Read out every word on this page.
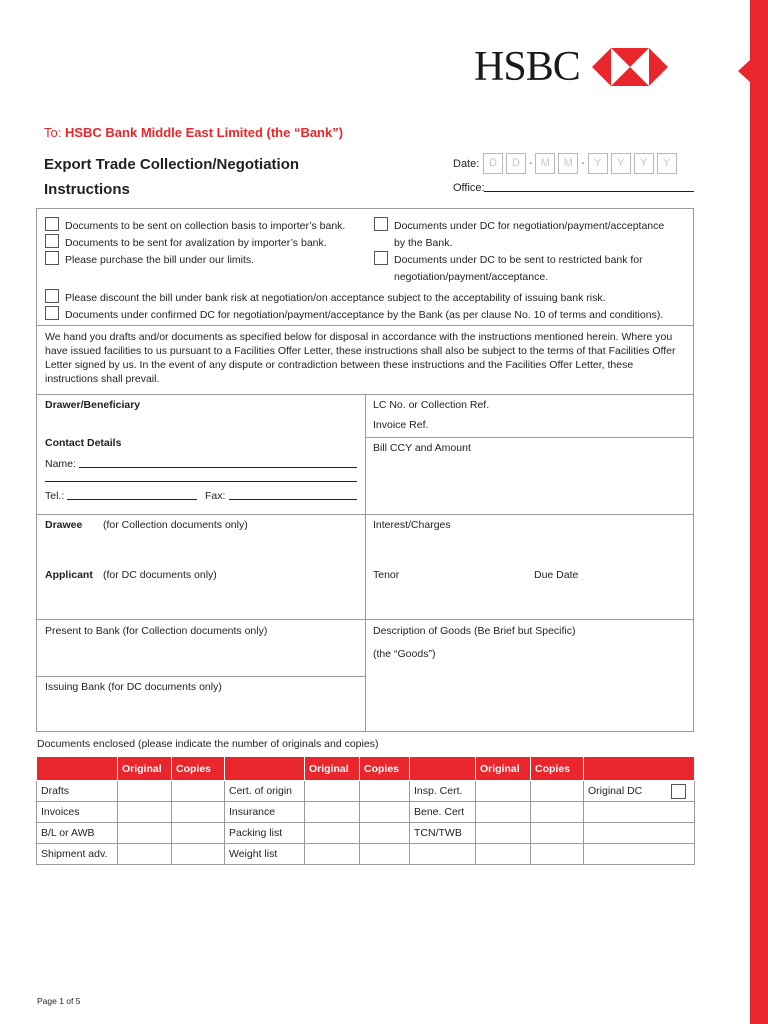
HSBC
To: HSBC Bank Middle East Limited (the “Bank”)
Export Trade Collection/Negotiation
Instructions
Date: D	D - M	M - Y	Y	Y	Y
Office:
Documents to be sent on collection basis to importer’s bank.
Documents to be sent for avalization by importer’s bank.
Please purchase the bill under our limits.
Documents under DC for negotiation/payment/acceptance
by the Bank.
Documents under DC to be sent to restricted bank for
negotiation/payment/acceptance.
Please discount the bill under bank risk at negotiation/on acceptance subject to the acceptability of issuing bank risk.
Documents under confirmed DC for negotiation/payment/acceptance by the Bank (as per clause No. 10 of terms and conditions).
We hand you drafts and/or documents as specified below for disposal in accordance with the instructions mentioned herein. Where you have issued facilities to us pursuant to a Facilities Offer Letter, these instructions shall also be subject to the terms of that Facilities Offer Letter signed by us. In the event of any dispute or contradiction between these instructions and the Facilities Offer Letter, these instructions shall prevail.
Drawer/Beneficiary
Contact Details
Name:
Tel.:	Fax:
LC No. or Collection Ref.
Invoice Ref.
Bill CCY and Amount
Drawee (for Collection documents only)
Applicant (for DC documents only)
Interest/Charges
Tenor	Due Date
Present to Bank (for Collection documents only)
Issuing Bank (for DC documents only)
Description of Goods (Be Brief but Specific)
(the “Goods”)
Documents enclosed (please indicate the number of originals and copies)
	Original	Copies		Original	Copies		Original	Copies	
Drafts			Cert. of origin			Insp. Cert.			Original DC

Invoices			Insurance			Bene. Cert			
B/L or AWB			Packing list			TCN/TWB			
Shipment adv.			Weight list						
Page 1 of 5
